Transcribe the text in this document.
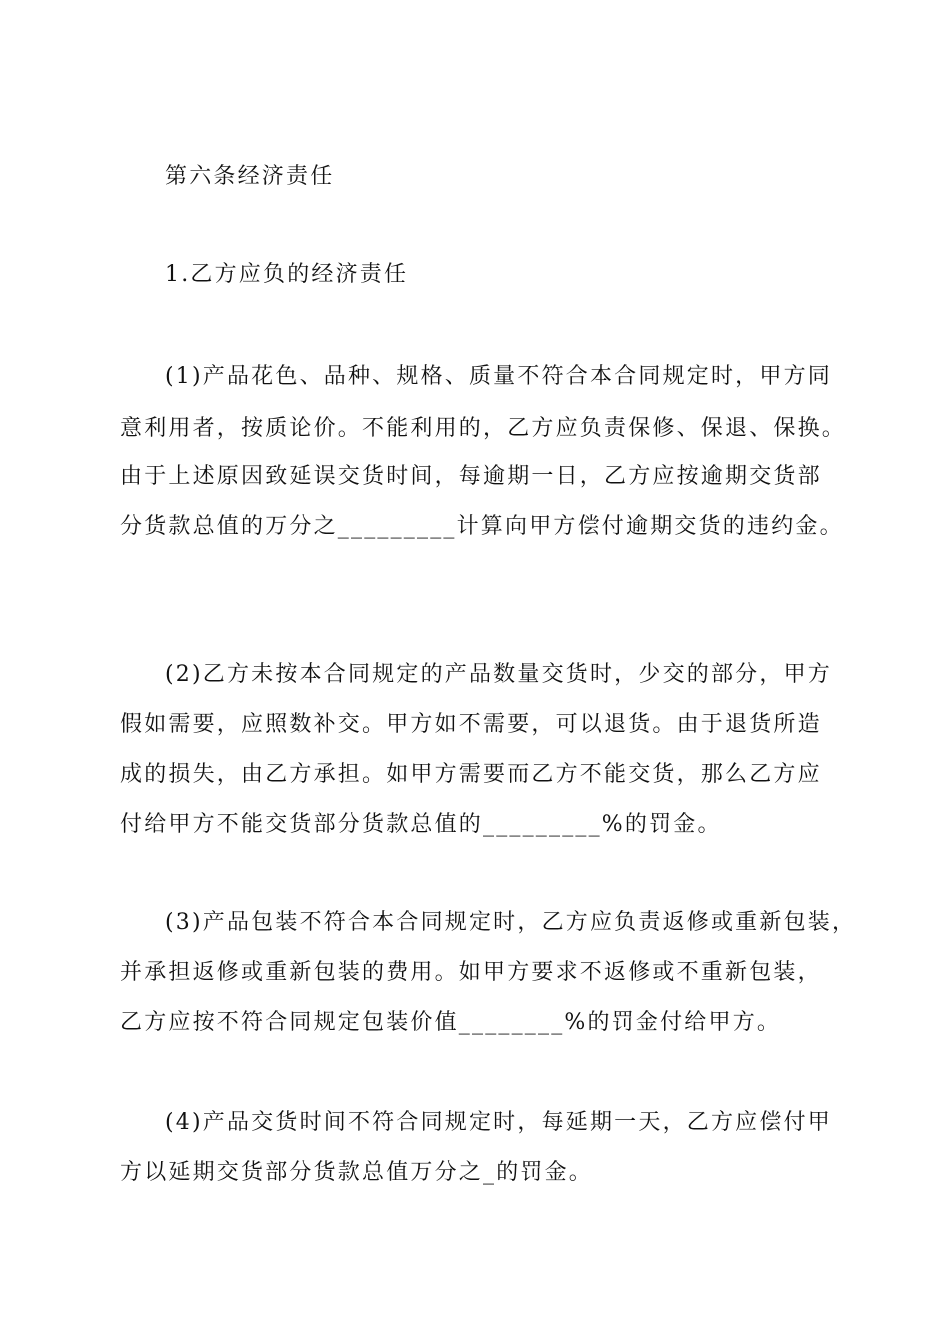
第六条经济责任
1.乙方应负的经济责任
(1)产品花色、品种、规格、质量不符合本合同规定时，甲方同
意利用者，按质论价。不能利用的，乙方应负责保修、保退、保换。
由于上述原因致延误交货时间，每逾期一日，乙方应按逾期交货部
分货款总值的万分之_________计算向甲方偿付逾期交货的违约金。
(2)乙方未按本合同规定的产品数量交货时，少交的部分，甲方
假如需要，应照数补交。甲方如不需要，可以退货。由于退货所造
成的损失，由乙方承担。如甲方需要而乙方不能交货，那么乙方应
付给甲方不能交货部分货款总值的_________%的罚金。
(3)产品包装不符合本合同规定时，乙方应负责返修或重新包装，
并承担返修或重新包装的费用。如甲方要求不返修或不重新包装，
乙方应按不符合同规定包装价值________%的罚金付给甲方。
(4)产品交货时间不符合同规定时，每延期一天，乙方应偿付甲
方以延期交货部分货款总值万分之_的罚金。
